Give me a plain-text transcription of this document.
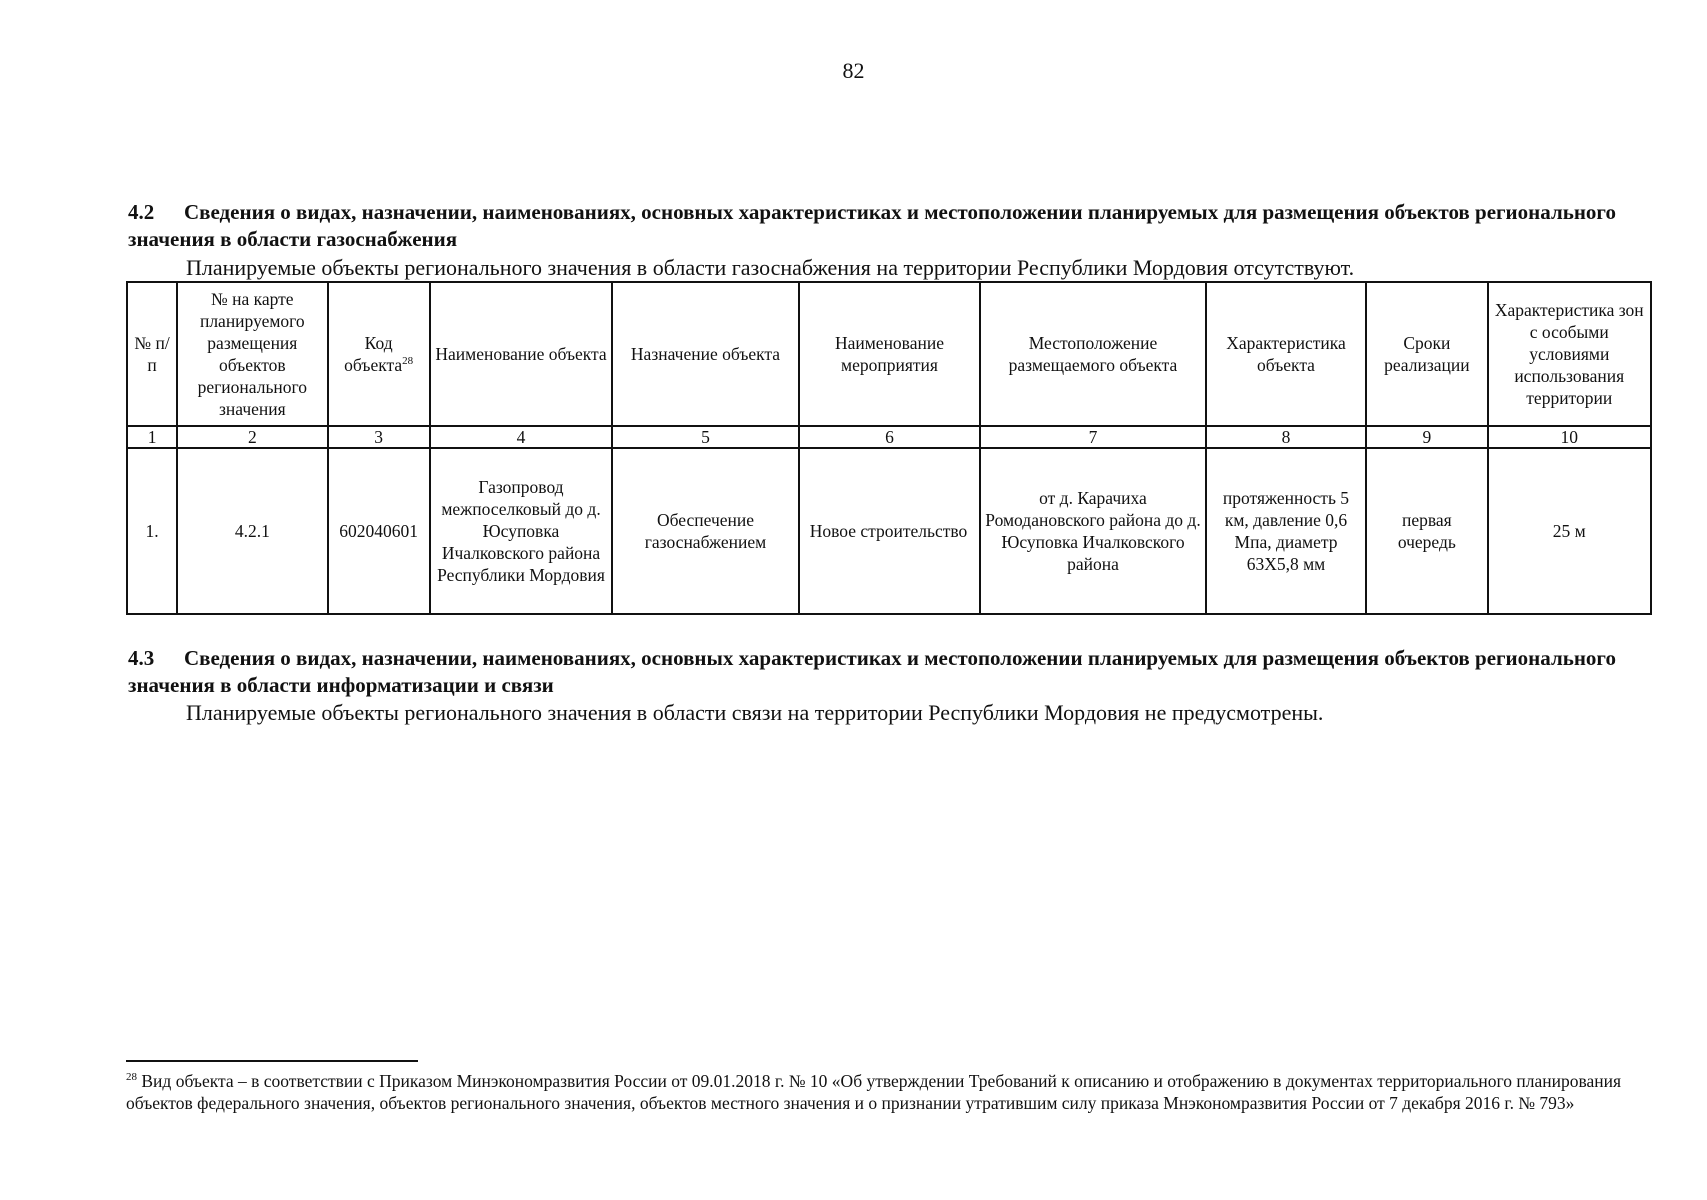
82
4.2 Сведения о видах, назначении, наименованиях, основных характеристиках и местоположении планируемых для размещения объектов регионального значения в области газоснабжения
Планируемые объекты регионального значения в области газоснабжения на территории Республики Мордовия отсутствуют.
№ п/п	№ на карте планируемого размещения объектов регионального значения	Код объекта$^{28}$	Наименование объекта	Назначение объекта	Наименование мероприятия	Местоположение размещаемого объекта	Характеристика объекта	Сроки реализации	Характеристика зон с особыми условиями использования территории
1	2	3	4	5	6	7	8	9	10
1.	4.2.1	602040601	Газопровод межпоселковый до д. Юсуповка Ичалковского района Республики Мордовия	Обеспечение газоснабжением	Новое строительство	от д. Карачиха Ромодановского района до д. Юсуповка Ичалковского района	протяженность 5 км, давление 0,6 Мпа, диаметр 63Х5,8 мм	первая очередь	25 м
4.3 Сведения о видах, назначении, наименованиях, основных характеристиках и местоположении планируемых для размещения объектов регионального значения в области информатизации и связи
Планируемые объекты регионального значения в области связи на территории Республики Мордовия не предусмотрены.
$^{28}$ Вид объекта – в соответствии с Приказом Минэкономразвития России от 09.01.2018 г. № 10 «Об утверждении Требований к описанию и отображению в документах территориального планирования объектов федерального значения, объектов регионального значения, объектов местного значения и о признании утратившим силу приказа Мнэкономразвития России от 7 декабря 2016 г. № 793»
